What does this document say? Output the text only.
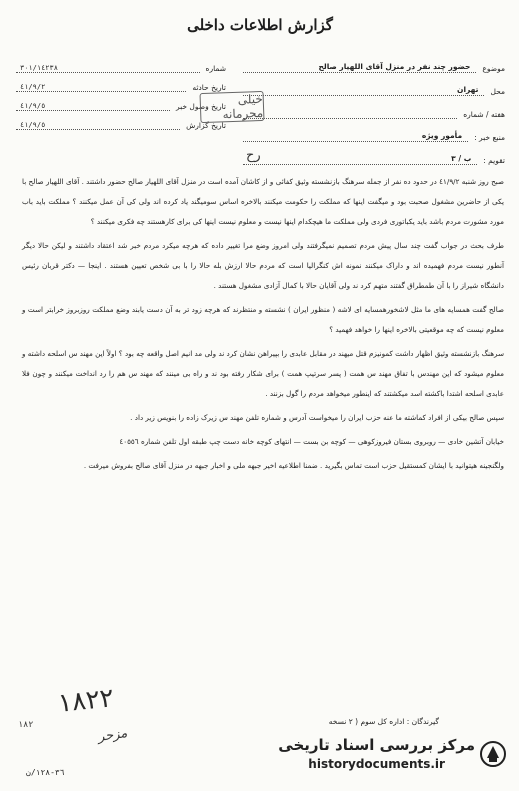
گزارش اطلاعات داخلی
موضوع
حضور چند نفر در منزل آقای اللهیار صالح
محل
تهران
هفته / شماره
منبع خبر :
مأمور ویژه
تقویم :
ب / ٣
شماره
٣٠١/١٤٢٣٨
تاریخ حادثه
٤١/٩/٢
تاریخ وصول خبر
٤١/٩/٥
تاریخ گزارش
٤١/٩/٥
خیلی محرمانه
رح

صبح روز شنبه ٤١/٩/٢ در حدود ده نفر از جمله سرهنگ بازنشسته وثیق کفائی و از کاشان آمده است در منزل آقای اللهیار صالح حضور داشتند . آقای اللهیار صالح با یکی از حاضرین مشغول صحبت بود و میگفت اینها که مملکت را حکومت میکنند بالاخره اساس سومیگند یاد کرده اند ولی کی آن عمل میکنند ؟ مملکت باید باب مورد مشورت مردم باشد باید یکباتوری فردی ولی مملکت ما هیچکدام اینها نیست و معلوم نیست اینها کی برای کارهستند چه فکری میکنند ؟

طرف بحث در جواب گفت چند سال پیش مردم تصمیم نمیگرفتند ولی امروز وضع مرا تغییر داده که هرچه میکرد مردم خبر شد اعتقاد داشتند و لیکن حالا دیگر آنطور نیست مردم فهمیده اند و داراک میکنند نمونه اش کنگرالیا است که مردم حالا ارزش بله حالا را با بی شخص تعیین هستند . اینجا — دکتر قربان رئیس دانشگاه شیراز را با آن طمطراق گفتند متهم کرد ند ولی آقایان حالا با کمال آزادی مشغول هستند .

صالح گفت همسایه های ما مثل لاشخورهمسایه ای لاشه ( منظور ایران ) نشسته و منتظرند که هرچه زود تر به آن دست یابند وضع مملکت روزبروز خرابتر است و معلوم نیست که چه موقعیتی بالاخره اینها را خواهد فهمید ؟

سرهنگ بازنشسته وثیق اظهار داشت کمونیزم قتل میهند در مقابل عابدی را بپیراهن نشان کرد ند ولی مد انیم اصل واقعه چه بود ؟ اولاً این مهند س اسلحه داشته و معلوم میشود که این مهندس با تفاق مهند س همت ( پسر سرتیپ همت ) برای شکار رفته بود ند و راه بی مینند که مهند س هم را رد انداخت میکنند و چون فلا عابدی اسلحه اشتدا باکشته اسد میکشتند که اینطور میخواهد مردم را گول بزنند .

سپس صالح بیکی از افراد کماشته ما عنه حزب ایران را میخواست آدرس و شماره تلفن مهند س زیرک زاده را بنویس زیر داد .

خیابان آتشین خادی — روبروی بستان فیروزکوهی — کوچه بن بست — انتهای کوچه خانه دست چپ طبقه اول تلفن شماره ٤٠٥٥٦

ولگنجینه هیتوانید با ایشان کمستقیل حزب است تماس بگیرید . ضمنا اطلاعیه اخیر جبهه ملی و اخبار جبهه در منزل آقای صالح بفروش میرفت .

١٨٢٢
١٨٢	گیرندگان : اداره کل سوم ( ٢ نسخه
مزحر
٣٦-١٢٨/ن
مرکز بررسی اسناد تاریخی
historydocuments.ir
